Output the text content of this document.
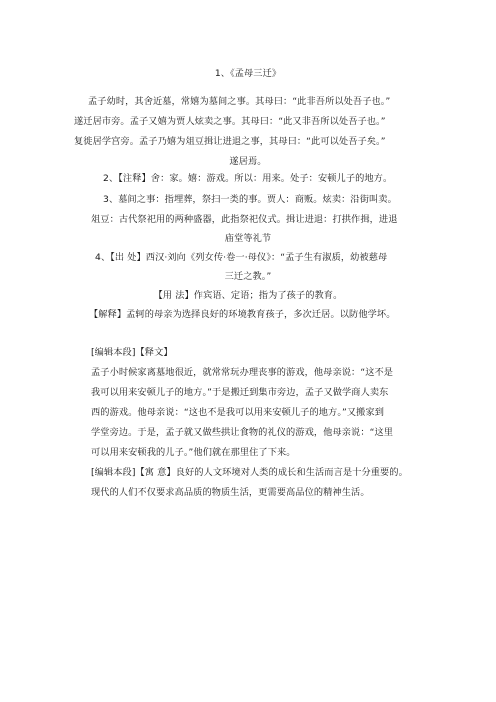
1、《孟母三迁》
孟子幼时，其舍近墓，常嬉为墓间之事。其母曰：“此非吾所以处吾子也。”
遂迁居市旁。孟子又嬉为贾人炫卖之事。其母曰：“此又非吾所以处吾子也。”
复徙居学宫旁。孟子乃嬉为俎豆揖让进退之事，其母曰：“此可以处吾子矣。”
遂居焉。
2、【注释】舍：家。嬉：游戏。所以：用来。处子：安顿儿子的地方。
3、墓间之事：指埋葬，祭扫一类的事。贾人：商贩。炫卖：沿街叫卖。
俎豆：古代祭祀用的两种盛器，此指祭祀仪式。揖让进退：打拱作揖，进退
庙堂等礼节
4、【出 处】西汉·刘向《列女传·卷一·母仪》：“孟子生有淑质，幼被慈母
三迁之教。”
【用 法】作宾语、定语；指为了孩子的教育。
【解释】孟轲的母亲为选择良好的环境教育孩子，多次迁居。以防他学坏。
[编辑本段]【释文】
孟子小时候家离墓地很近，就常常玩办理丧事的游戏，他母亲说：“这不是
我可以用来安顿儿子的地方。”于是搬迁到集市旁边，孟子又做学商人卖东
西的游戏。他母亲说：“这也不是我可以用来安顿儿子的地方。”又搬家到
学堂旁边。于是，孟子就又做些拱让食物的礼仪的游戏，他母亲说：“这里
可以用来安顿我的儿子。”他们就在那里住了下来。
[编辑本段]【寓 意】良好的人文环境对人类的成长和生活而言是十分重要的。
现代的人们不仅要求高品质的物质生活，更需要高品位的精神生活。
